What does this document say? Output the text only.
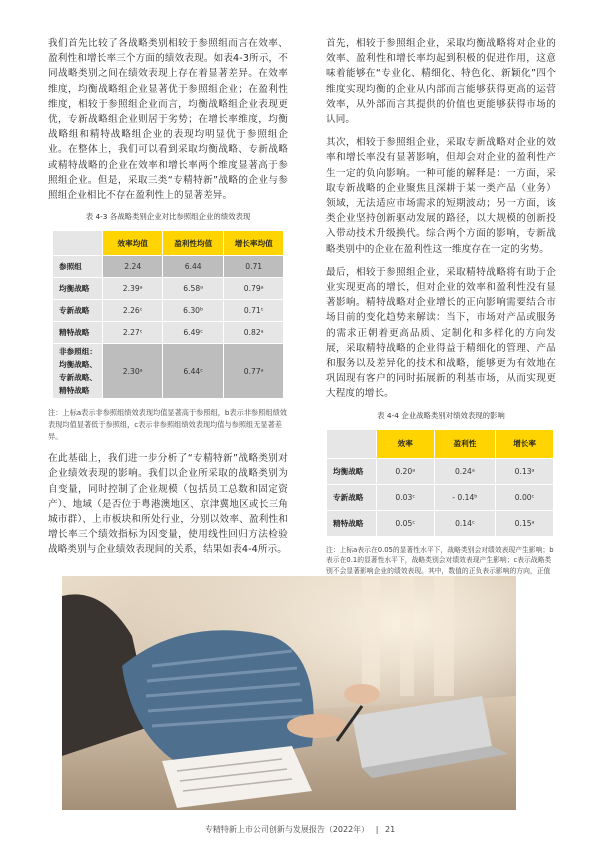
我们首先比较了各战略类别相较于参照组而言在效率、盈利性和增长率三个方面的绩效表现。如表4-3所示，不同战略类别之间在绩效表现上存在着显著差异。在效率维度，均衡战略组企业显著优于参照组企业；在盈利性维度，相较于参照组企业而言，均衡战略组企业表现更优，专新战略组企业则居于劣势；在增长率维度，均衡战略组和精特战略组企业的表现均明显优于参照组企业。在整体上，我们可以看到采取均衡战略、专新战略或精特战略的企业在效率和增长率两个维度显著高于参照组企业。但是，采取三类“专精特新”战略的企业与参照组企业相比不存在盈利性上的显著差异。

表 4-3 各战略类别企业对比参照组企业的绩效表现
	效率均值	盈利性均值	增长率均值
参照组	2.24	6.44	0.71
均衡战略	2.39ᵃ	6.58ᵃ	0.79ᵃ
专新战略	2.26ᶜ	6.30ᵇ	0.71ᶜ
精特战略	2.27ᶜ	6.49ᶜ	0.82ᵃ
非参照组：均衡战略、专新战略、精特战略	2.30ᵃ	6.44ᶜ	0.77ᵃ
注：上标a表示非参照组绩效表现均值显著高于参照组，b表示非参照组绩效表现均值显著低于参照组，c表示非参照组绩效表现均值与参照组无显著差异。

在此基础上，我们进一步分析了“专精特新”战略类别对企业绩效表现的影响。我们以企业所采取的战略类别为自变量，同时控制了企业规模（包括员工总数和固定资产）、地域（是否位于粤港澳地区、京津冀地区或长三角城市群）、上市板块和所处行业，分别以效率、盈利性和增长率三个绩效指标为因变量，使用线性回归方法检验战略类别与企业绩效表现间的关系，结果如表4-4所示。

首先，相较于参照组企业，采取均衡战略将对企业的效率、盈利性和增长率均起到积极的促进作用，这意味着能够在“专业化、精细化、特色化、新颖化”四个维度实现均衡的企业从内部而言能够获得更高的运营效率，从外部而言其提供的价值也更能够获得市场的认同。

其次，相较于参照组企业，采取专新战略对企业的效率和增长率没有显著影响，但却会对企业的盈利性产生一定的负向影响。一种可能的解释是：一方面，采取专新战略的企业聚焦且深耕于某一类产品（业务）领域，无法适应市场需求的短期波动；另一方面，该类企业坚持创新驱动发展的路径，以大规模的创新投入带动技术升级换代。综合两个方面的影响，专新战略类别中的企业在盈利性这一维度存在一定的劣势。

最后，相较于参照组企业，采取精特战略将有助于企业实现更高的增长，但对企业的效率和盈利性没有显著影响。精特战略对企业增长的正向影响需要结合市场目前的变化趋势来解读：当下，市场对产品或服务的需求正朝着更高品质、定制化和多样化的方向发展，采取精特战略的企业得益于精细化的管理、产品和服务以及差异化的技术和战略，能够更为有效地在巩固现有客户的同时拓展新的利基市场，从而实现更大程度的增长。

表 4-4 企业战略类别对绩效表现的影响
	效率	盈利性	增长率
均衡战略	0.20ᵃ	0.24ᵃ	0.13ᵃ
专新战略	0.03ᶜ	- 0.14ᵇ	0.00ᶜ
精特战略	0.05ᶜ	0.14ᶜ	0.15ᵃ
注：上标a表示在0.05的显著性水平下，战略类别会对绩效表现产生影响；b表示在0.1的显著性水平下，战略类别会对绩效表现产生影响；c表示战略类别不会显著影响企业的绩效表现。其中，数值的正负表示影响的方向，正值
专精特新上市公司创新与发展报告（2022年） | 21
